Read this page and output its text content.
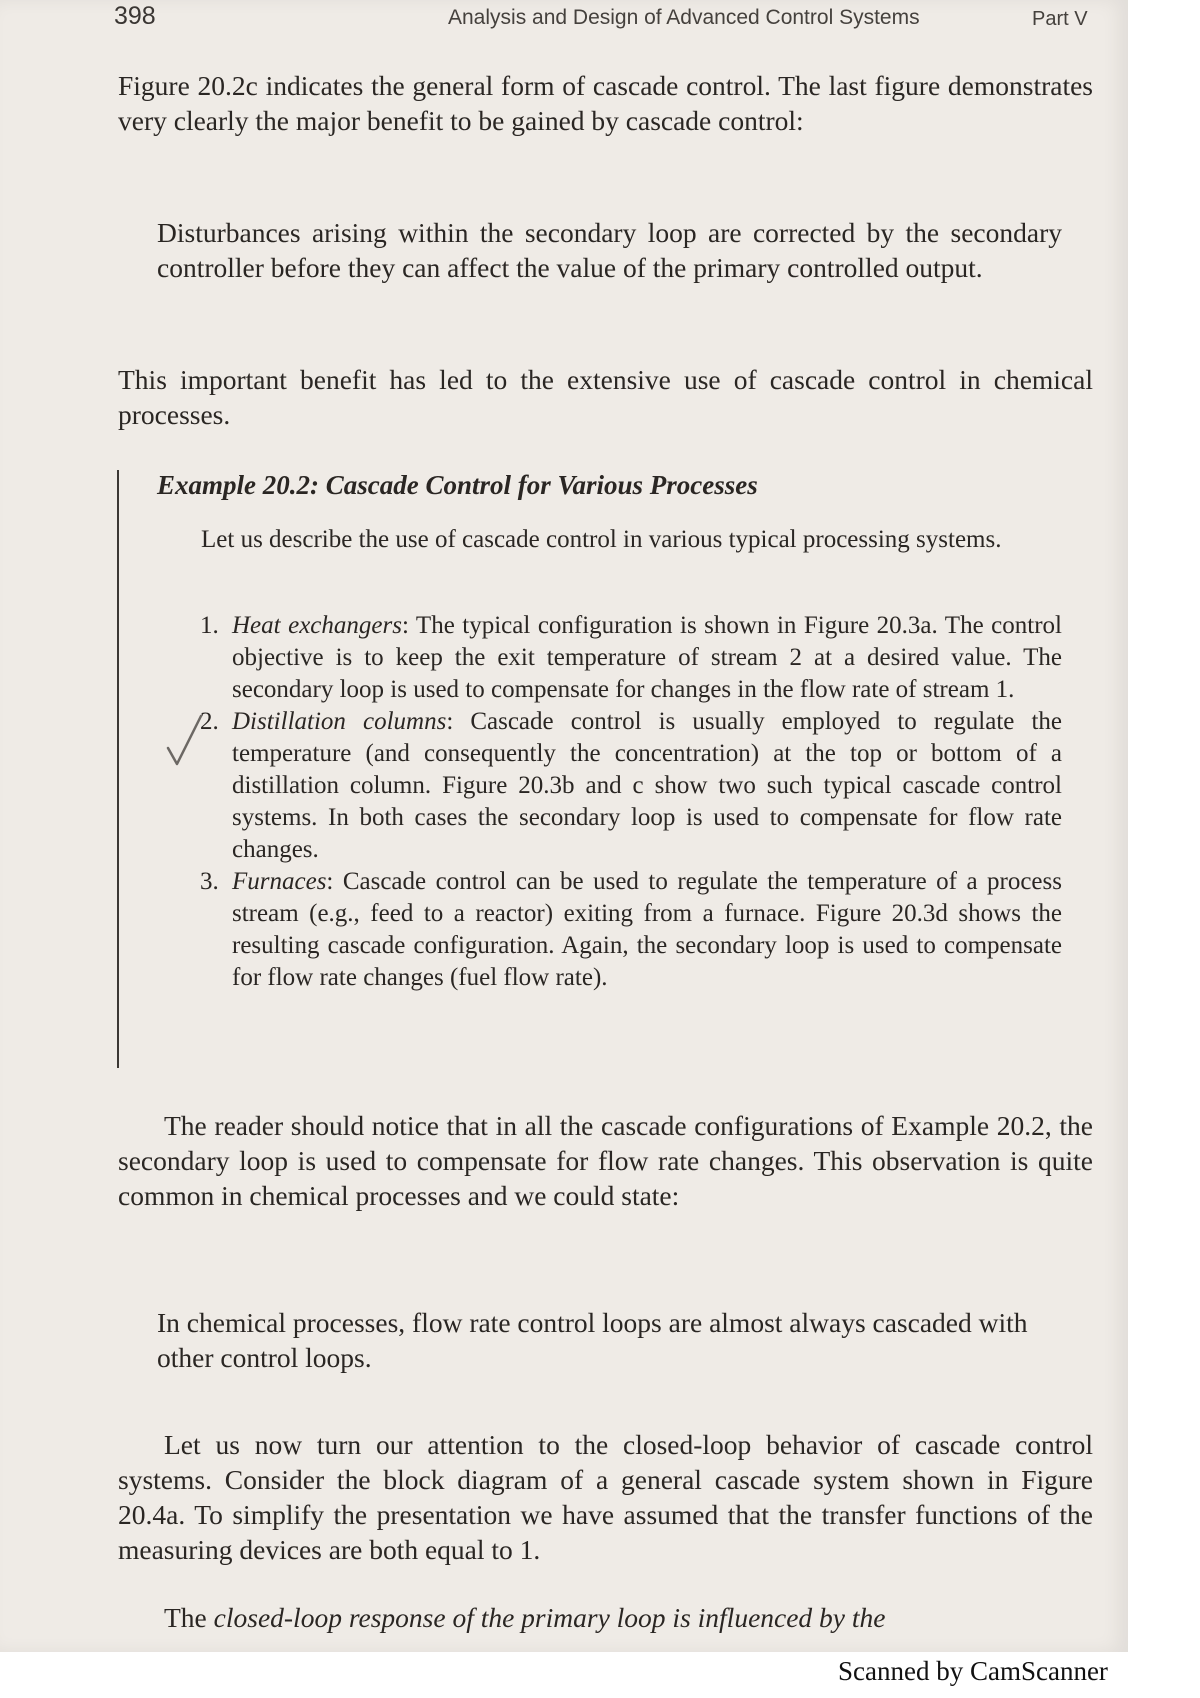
398	Analysis and Design of Advanced Control Systems	Part V

Figure 20.2c indicates the general form of cascade control. The last figure demonstrates very clearly the major benefit to be gained by cascade control:

Disturbances arising within the secondary loop are corrected by the secondary controller before they can affect the value of the primary controlled output.

This important benefit has led to the extensive use of cascade control in chemical processes.

Example 20.2: Cascade Control for Various Processes

Let us describe the use of cascade control in various typical processing systems.

1. Heat exchangers: The typical configuration is shown in Figure 20.3a. The control objective is to keep the exit temperature of stream 2 at a desired value. The secondary loop is used to compensate for changes in the flow rate of stream 1.
2. Distillation columns: Cascade control is usually employed to regulate the temperature (and consequently the concentration) at the top or bottom of a distillation column. Figure 20.3b and c show two such typical cascade control systems. In both cases the secondary loop is used to compensate for flow rate changes.
3. Furnaces: Cascade control can be used to regulate the temperature of a process stream (e.g., feed to a reactor) exiting from a furnace. Figure 20.3d shows the resulting cascade configuration. Again, the secondary loop is used to compensate for flow rate changes (fuel flow rate).

The reader should notice that in all the cascade configurations of Example 20.2, the secondary loop is used to compensate for flow rate changes. This observation is quite common in chemical processes and we could state:

In chemical processes, flow rate control loops are almost always cascaded with other control loops.

Let us now turn our attention to the closed-loop behavior of cascade control systems. Consider the block diagram of a general cascade system shown in Figure 20.4a. To simplify the presentation we have assumed that the transfer functions of the measuring devices are both equal to 1.

The closed-loop response of the primary loop is influenced by the

Scanned by CamScanner
